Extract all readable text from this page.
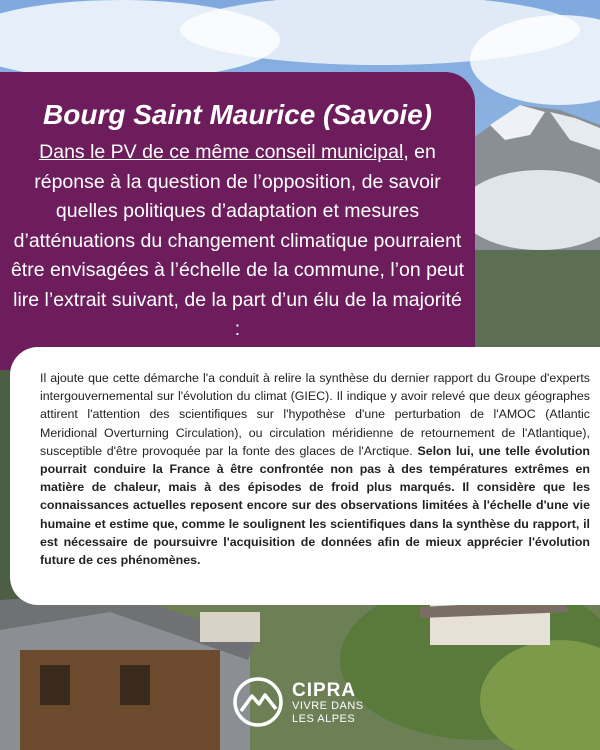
Bourg Saint Maurice (Savoie)

Dans le PV de ce même conseil municipal, en réponse à la question de l’opposition, de savoir quelles politiques d’adaptation et mesures d’atténuations du changement climatique pourraient être envisagées à l’échelle de la commune, l’on peut lire l’extrait suivant, de la part d’un élu de la majorité :

Il ajoute que cette démarche l'a conduit à relire la synthèse du dernier rapport du Groupe d'experts intergouvernemental sur l'évolution du climat (GIEC). Il indique y avoir relevé que deux géographes attirent l'attention des scientifiques sur l'hypothèse d'une perturbation de l'AMOC (Atlantic Meridional Overturning Circulation), ou circulation méridienne de retournement de l'Atlantique), susceptible d'être provoquée par la fonte des glaces de l'Arctique. Selon lui, une telle évolution pourrait conduire la France à être confrontée non pas à des températures extrêmes en matière de chaleur, mais à des épisodes de froid plus marqués. Il considère que les connaissances actuelles reposent encore sur des observations limitées à l'échelle d'une vie humaine et estime que, comme le soulignent les scientifiques dans la synthèse du rapport, il est nécessaire de poursuivre l'acquisition de données afin de mieux apprécier l'évolution future de ces phénomènes.

CIPRA
VIVRE DANS LES ALPES
